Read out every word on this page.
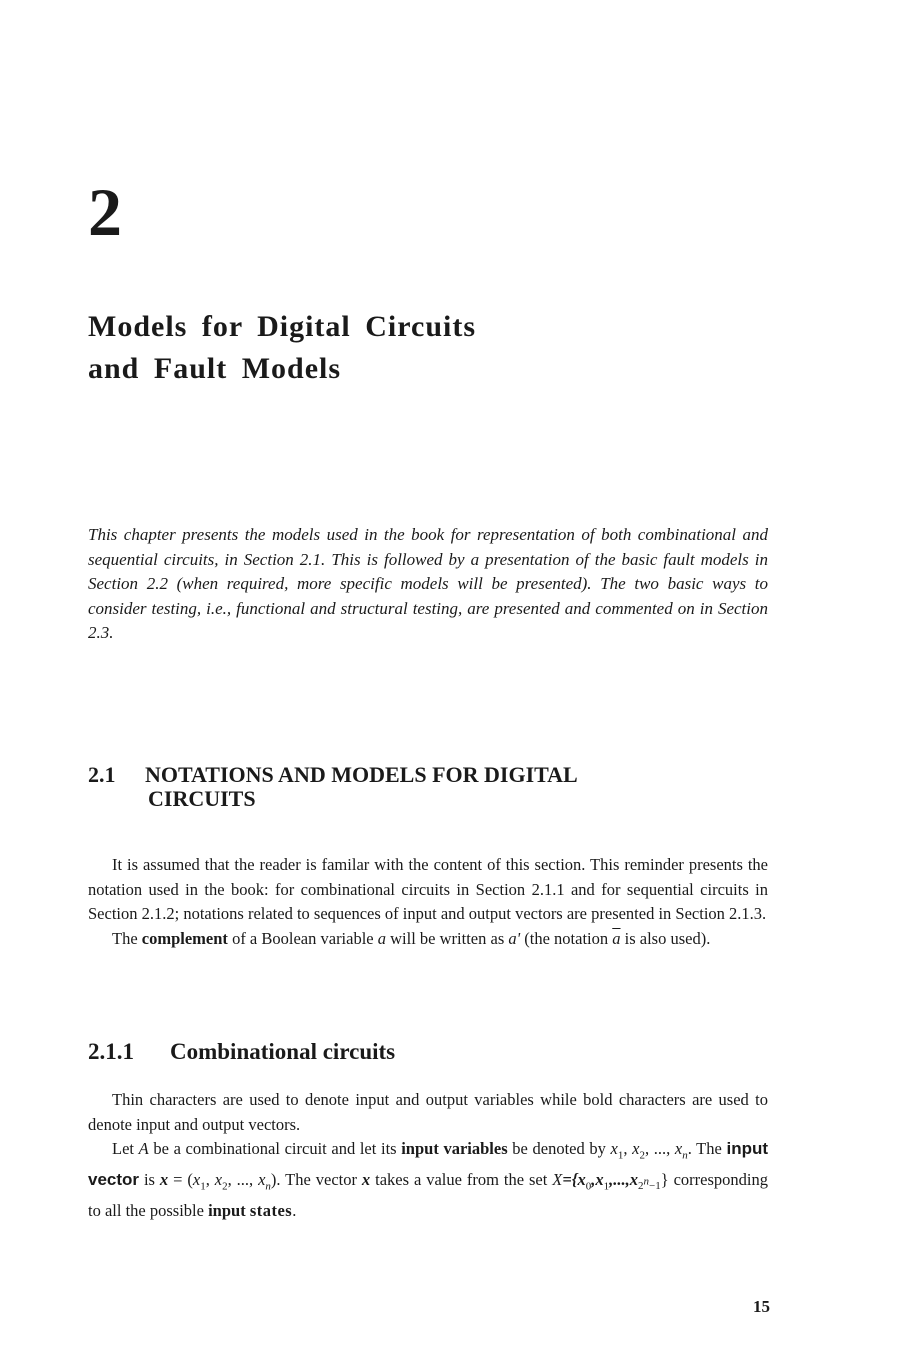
2
Models for Digital Circuits
and Fault Models
This chapter presents the models used in the book for representation of both combinational and sequential circuits, in Section 2.1. This is followed by a presentation of the basic fault models in Section 2.2 (when required, more specific models will be presented). The two basic ways to consider testing, i.e., functional and structural testing, are presented and commented on in Section 2.3.
2.1 NOTATIONS AND MODELS FOR DIGITAL
CIRCUITS

It is assumed that the reader is familar with the content of this section. This reminder presents the notation used in the book: for combinational circuits in Section 2.1.1 and for sequential circuits in Section 2.1.2; notations related to sequences of input and output vectors are presented in Section 2.1.3.

The complement of a Boolean variable a will be written as a' (the notation $\overline{a}$ is also used).

2.1.1 Combinational circuits

Thin characters are used to denote input and output variables while bold characters are used to denote input and output vectors.

Let A be a combinational circuit and let its input variables be denoted by $x_1$, $x_2$, ..., $x_n$. The input vector is $x = (x_1$, $x_2$, ..., $x_n$). The vector x takes a value from the set $X=\{x_0,x_1,...,x_{2^n-1}\}$ corresponding to all the possible input states.

15
